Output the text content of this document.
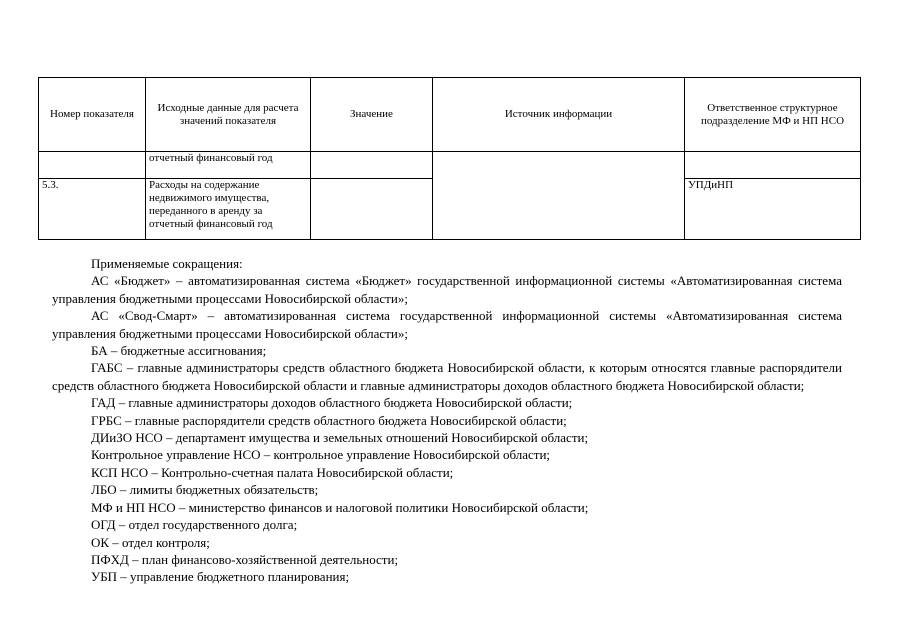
Номер показателя	Исходные данные для расчета значений показателя	Значение	Источник информации	Ответственное структурное подразделение МФ и НП НСО
	отчетный финансовый год			
5.3.	Расходы на содержание недвижимого имущества, переданного в аренду за отчетный финансовый год			УПДиНП

Применяемые сокращения:

АС «Бюджет» – автоматизированная система «Бюджет» государственной информационной системы «Автоматизированная система управления бюджетными процессами Новосибирской области»;

АС «Свод-Смарт» – автоматизированная система государственной информационной системы «Автоматизированная система управления бюджетными процессами Новосибирской области»;

БА – бюджетные ассигнования;

ГАБС – главные администраторы средств областного бюджета Новосибирской области, к которым относятся главные распорядители средств областного бюджета Новосибирской области и главные администраторы доходов областного бюджета Новосибирской области;

ГАД – главные администраторы доходов областного бюджета Новосибирской области;

ГРБС – главные распорядители средств областного бюджета Новосибирской области;

ДИиЗО НСО – департамент имущества и земельных отношений Новосибирской области;

Контрольное управление НСО – контрольное управление Новосибирской области;

КСП НСО – Контрольно-счетная палата Новосибирской области;

ЛБО – лимиты бюджетных обязательств;

МФ и НП НСО – министерство финансов и налоговой политики Новосибирской области;

ОГД – отдел государственного долга;

ОК – отдел контроля;

ПФХД – план финансово-хозяйственной деятельности;

УБП – управление бюджетного планирования;
